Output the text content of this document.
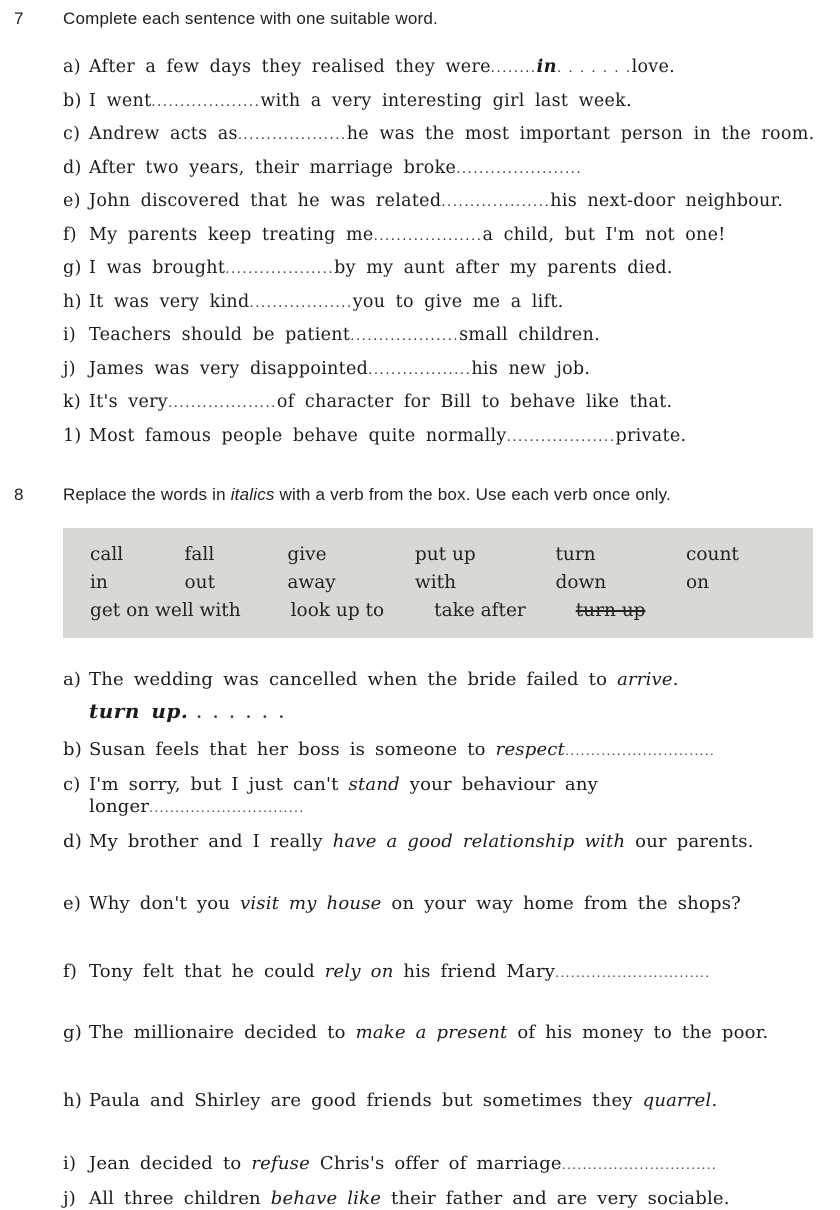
7	Complete each sentence with one suitable word.
a) After a few days they realised they were........in. . . . . . .love.
b) I went...................with a very interesting girl last week.
c) Andrew acts as...................he was the most important person in the room.
d) After two years, their marriage broke......................
e) John discovered that he was related...................his next-door neighbour.
f) My parents keep treating me...................a child, but I'm not one!
g) I was brought...................by my aunt after my parents died.
h) It was very kind..................you to give me a lift.
i) Teachers should be patient...................small children.
j) James was very disappointed..................his new job.
k) It's very...................of character for Bill to behave like that.
1) Most famous people behave quite normally...................private.
8	Replace the words in italics with a verb from the box. Use each verb once only.
call in
fall out
give away
put up with
turn down
count on
get on well with	look up to	take after	turn up
a) The wedding was cancelled when the bride failed to arrive.
turn up. . . . . . .
b) Susan feels that her boss is someone to respect.............................
c) I'm sorry, but I just can't stand your behaviour any longer..............................
d) My brother and I really have a good relationship with our parents.
e) Why don't you visit my house on your way home from the shops?
f) Tony felt that he could rely on his friend Mary..............................
g) The millionaire decided to make a present of his money to the poor.
h) Paula and Shirley are good friends but sometimes they quarrel.
i) Jean decided to refuse Chris's offer of marriage..............................
j) All three children behave like their father and are very sociable.
